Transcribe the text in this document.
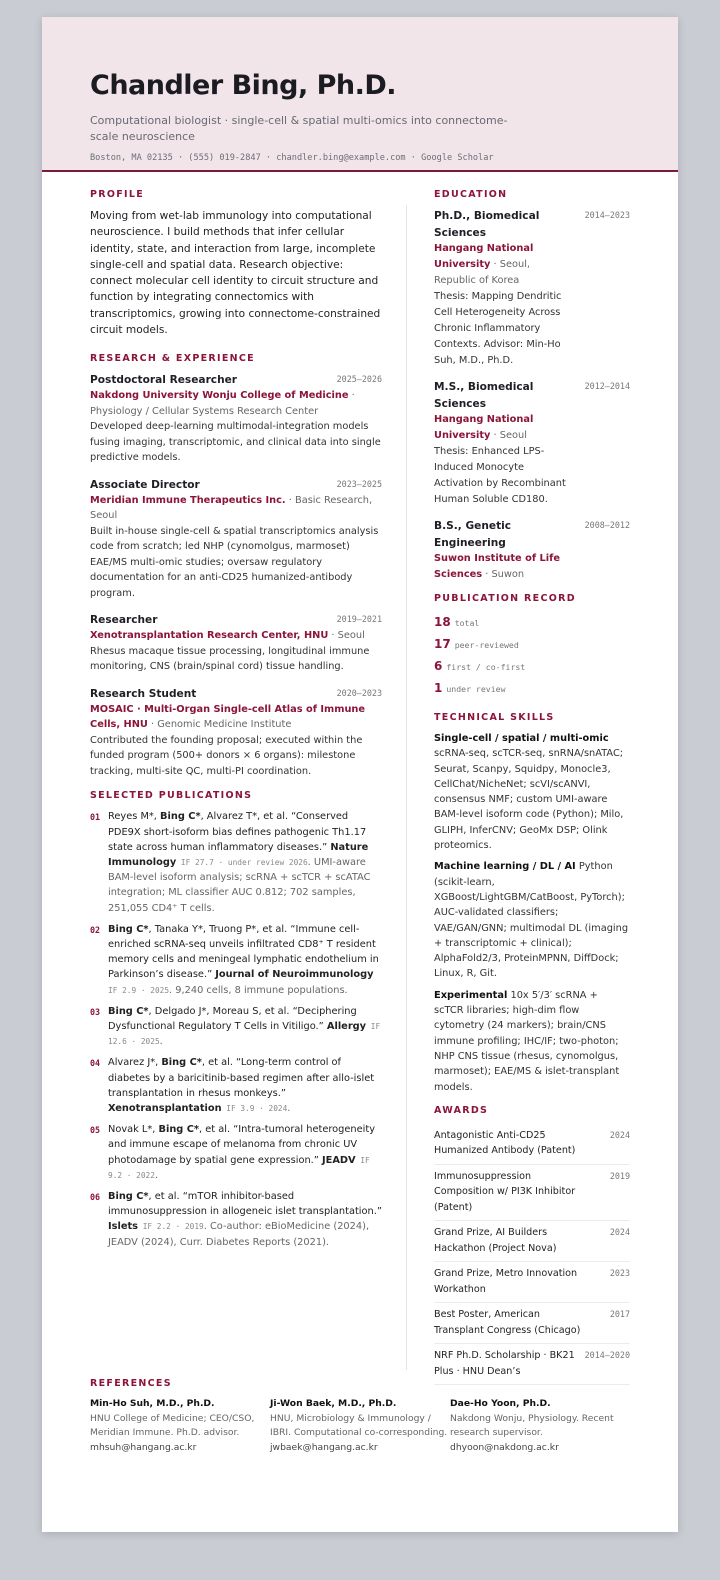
Chandler Bing, Ph.D.
Computational biologist · single-cell & spatial multi-omics into connectome-scale neuroscience
Boston, MA 02135 · (555) 019-2847 · chandler.bing@example.com · Google Scholar
PROFILE
Moving from wet-lab immunology into computational neuroscience. I build methods that infer cellular identity, state, and interaction from large, incomplete single-cell and spatial data. Research objective: connect molecular cell identity to circuit structure and function by integrating connectomics with transcriptomics, growing into connectome-constrained circuit models.
RESEARCH & EXPERIENCE
Postdoctoral Researcher	2025–2026
Nakdong University Wonju College of Medicine · Physiology / Cellular Systems Research Center
Developed deep-learning multimodal-integration models fusing imaging, transcriptomic, and clinical data into single predictive models.
Associate Director	2023–2025
Meridian Immune Therapeutics Inc. · Basic Research, Seoul
Built in-house single-cell & spatial transcriptomics analysis code from scratch; led NHP (cynomolgus, marmoset) EAE/MS multi-omic studies; oversaw regulatory documentation for an anti-CD25 humanized-antibody program.
Researcher	2019–2021
Xenotransplantation Research Center, HNU · Seoul
Rhesus macaque tissue processing, longitudinal immune monitoring, CNS (brain/spinal cord) tissue handling.
Research Student	2020–2023
MOSAIC · Multi-Organ Single-cell Atlas of Immune Cells, HNU · Genomic Medicine Institute
Contributed the founding proposal; executed within the funded program (500+ donors × 6 organs): milestone tracking, multi-site QC, multi-PI coordination.
SELECTED PUBLICATIONS
01 Reyes M*, Bing C*, Alvarez T*, et al. “Conserved PDE9X short-isoform bias defines pathogenic Th1.17 state across human inflammatory diseases.” Nature Immunology IF 27.7 · under review 2026. UMI-aware BAM-level isoform analysis; scRNA + scTCR + scATAC integration; ML classifier AUC 0.812; 702 samples, 251,055 CD4⁺ T cells.
02 Bing C*, Tanaka Y*, Truong P*, et al. “Immune cell-enriched scRNA-seq unveils infiltrated CD8⁺ T resident memory cells and meningeal lymphatic endothelium in Parkinson’s disease.” Journal of Neuroimmunology IF 2.9 · 2025. 9,240 cells, 8 immune populations.
03 Bing C*, Delgado J*, Moreau S, et al. “Deciphering Dysfunctional Regulatory T Cells in Vitiligo.” Allergy IF 12.6 · 2025.
04 Alvarez J*, Bing C*, et al. “Long-term control of diabetes by a baricitinib-based regimen after allo-islet transplantation in rhesus monkeys.” Xenotransplantation IF 3.9 · 2024.
05 Novak L*, Bing C*, et al. “Intra-tumoral heterogeneity and immune escape of melanoma from chronic UV photodamage by spatial gene expression.” JEADV IF 9.2 · 2022.
06 Bing C*, et al. “mTOR inhibitor-based immunosuppression in allogeneic islet transplantation.” Islets IF 2.2 · 2019. Co-author: eBioMedicine (2024), JEADV (2024), Curr. Diabetes Reports (2021).
EDUCATION
Ph.D., Biomedical Sciences
2014–2023
Hangang National University · Seoul, Republic of Korea
Thesis: Mapping Dendritic Cell Heterogeneity Across Chronic Inflammatory Contexts. Advisor: Min-Ho Suh, M.D., Ph.D.
M.S., Biomedical Sciences
2012–2014
Hangang National University · Seoul
Thesis: Enhanced LPS-Induced Monocyte Activation by Recombinant Human Soluble CD180.
B.S., Genetic Engineering
2008–2012
Suwon Institute of Life Sciences · Suwon
PUBLICATION RECORD
18 total
17 peer-reviewed
6 first / co-first
1 under review
TECHNICAL SKILLS
Single-cell / spatial / multi-omic scRNA-seq, scTCR-seq, snRNA/snATAC; Seurat, Scanpy, Squidpy, Monocle3, CellChat/NicheNet; scVI/scANVI, consensus NMF; custom UMI-aware BAM-level isoform code (Python); Milo, GLIPH, InferCNV; GeoMx DSP; Olink proteomics.
Machine learning / DL / AI Python (scikit-learn, XGBoost/LightGBM/CatBoost, PyTorch); AUC-validated classifiers; VAE/GAN/GNN; multimodal DL (imaging + transcriptomic + clinical); AlphaFold2/3, ProteinMPNN, DiffDock; Linux, R, Git.
Experimental 10x 5′/3′ scRNA + scTCR libraries; high-dim flow cytometry (24 markers); brain/CNS immune profiling; IHC/IF; two-photon; NHP CNS tissue (rhesus, cynomolgus, marmoset); EAE/MS & islet-transplant models.
AWARDS
Antagonistic Anti-CD25 Humanized Antibody (Patent)
2024
Immunosuppression Composition w/ PI3K Inhibitor (Patent)
2019
Grand Prize, AI Builders Hackathon (Project Nova)
2024
Grand Prize, Metro Innovation Workathon
2023
Best Poster, American Transplant Congress (Chicago)
2017
NRF Ph.D. Scholarship · BK21 Plus · HNU Dean’s
2014–2020
REFERENCES
Min-Ho Suh, M.D., Ph.D.
HNU College of Medicine; CEO/CSO, Meridian Immune. Ph.D. advisor.
mhsuh@hangang.ac.kr
Ji-Won Baek, M.D., Ph.D.
HNU, Microbiology & Immunology / IBRI. Computational co-corresponding.
jwbaek@hangang.ac.kr
Dae-Ho Yoon, Ph.D.
Nakdong Wonju, Physiology. Recent research supervisor.
dhyoon@nakdong.ac.kr
